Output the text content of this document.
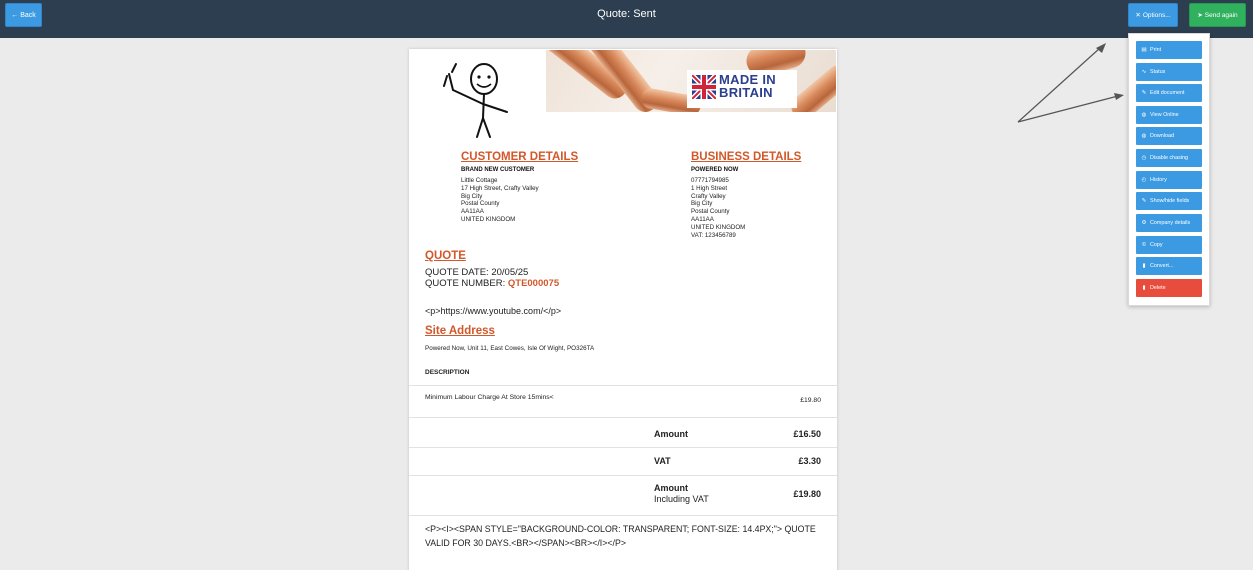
← Back	Quote: Sent	✕ Options...	➤ Send again
MADE IN
BRITAIN
CUSTOMER DETAILS
BRAND NEW CUSTOMER
Little Cottage
17 High Street, Crafty Valley
Big City
Postal County
AA11AA
UNITED KINGDOM
BUSINESS DETAILS
POWERED NOW
07771794985
1 High Street
Crafty Valley
Big City
Postal County
AA11AA
UNITED KINGDOM
VAT: 123456789
QUOTE
QUOTE DATE: 20/05/25
QUOTE NUMBER: QTE000075
<p>https://www.youtube.com/</p>
Site Address
Powered Now, Unit 11, East Cowes, Isle Of Wight, PO326TA
DESCRIPTION
Minimum Labour Charge At Store 15mins<	£19.80
Amount	£16.50
VAT	£3.30
Amount
Including VAT	£19.80
<P><I><SPAN STYLE="BACKGROUND-COLOR: TRANSPARENT; FONT-SIZE: 14.4PX;"> QUOTE VALID FOR 30 DAYS.<BR></SPAN><BR></I></P>
▤ Print
∿ Status
✎ Edit document
◍ View Online
◍ Download
◷ Disable chasing
◴ History
✎ Show/hide fields
⚙ Company details
© Copy
▮ Convert...
▮ Delete
